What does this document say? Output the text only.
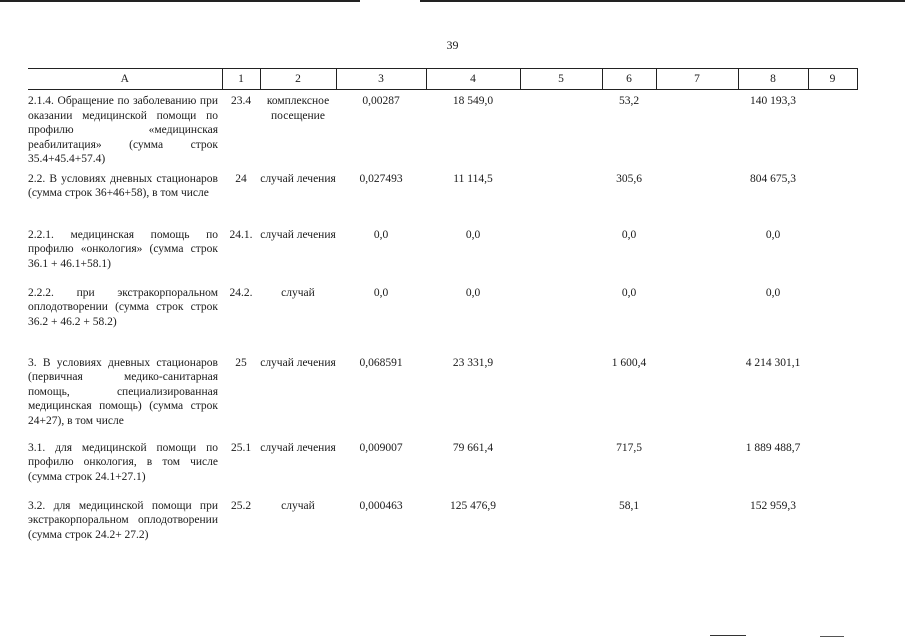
39
А	1	2	3	4	5	6	7	8	9
2.1.4. Обращение по заболеванию при оказании медицинской помощи по профилю «медицинская реабилитация» (сумма строк 35.4+45.4+57.4)	23.4	комплексное посещение	0,00287	18 549,0		53,2		140 193,3	
2.2. В условиях дневных стационаров (сумма строк 36+46+58), в том числе	24	случай лечения	0,027493	11 114,5		305,6		804 675,3	
2.2.1. медицинская помощь по профилю «онкология» (сумма строк 36.1 + 46.1+58.1)	24.1.	случай лечения	0,0	0,0		0,0		0,0	
2.2.2. при экстракорпоральном оплодотворении (сумма строк строк 36.2 + 46.2 + 58.2)	24.2.	случай	0,0	0,0		0,0		0,0	
3. В условиях дневных стационаров (первичная медико-санитарная помощь, специализированная медицинская помощь) (сумма строк 24+27), в том числе	25	случай лечения	0,068591	23 331,9		1 600,4		4 214 301,1	
3.1. для медицинской помощи по профилю онкология, в том числе (сумма строк 24.1+27.1)	25.1	случай лечения	0,009007	79 661,4		717,5		1 889 488,7	
3.2. для медицинской помощи при экстракорпоральном оплодотворении (сумма строк 24.2+ 27.2)	25.2	случай	0,000463	125 476,9		58,1		152 959,3	
